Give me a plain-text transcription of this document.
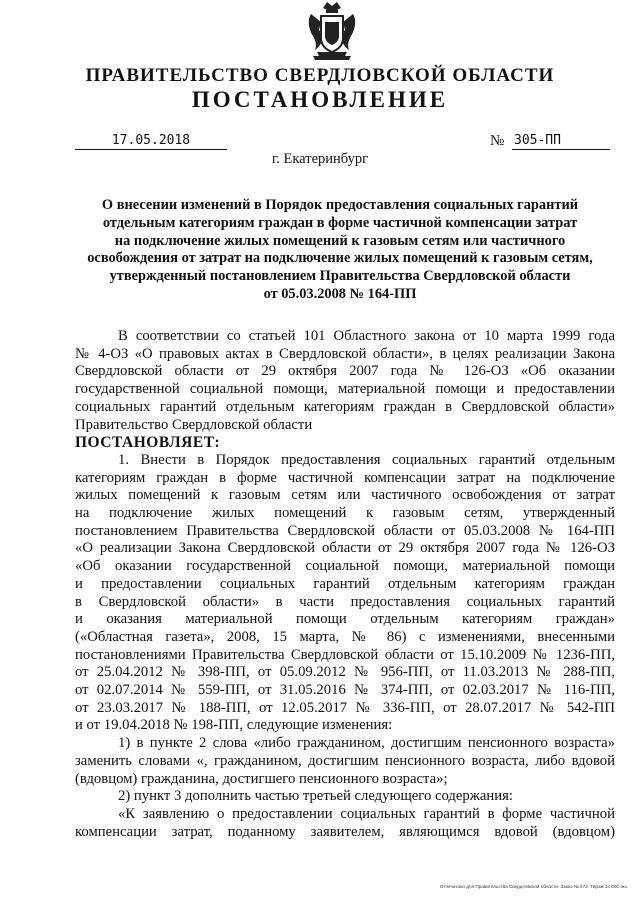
ПРАВИТЕЛЬСТВО СВЕРДЛОВСКОЙ ОБЛАСТИ
ПОСТАНОВЛЕНИЕ
17.05.2018	№ 305-ПП
г. Екатеринбург
О внесении изменений в Порядок предоставления социальных гарантий
отдельным категориям граждан в форме частичной компенсации затрат
на подключение жилых помещений к газовым сетям или частичного
освобождения от затрат на подключение жилых помещений к газовым сетям,
утвержденный постановлением Правительства Свердловской области
от 05.03.2008 № 164-ПП

В соответствии со статьей 101 Областного закона от 10 марта 1999 года

№ 4-ОЗ «О правовых актах в Свердловской области», в целях реализации Закона

Свердловской области от 29 октября 2007 года № 126-ОЗ «Об оказании

государственной социальной помощи, материальной помощи и предоставлении

социальных гарантий отдельным категориям граждан в Свердловской области»

Правительство Свердловской области

ПОСТАНОВЛЯЕТ:

1. Внести в Порядок предоставления социальных гарантий отдельным

категориям граждан в форме частичной компенсации затрат на подключение

жилых помещений к газовым сетям или частичного освобождения от затрат

на подключение жилых помещений к газовым сетям, утвержденный

постановлением Правительства Свердловской области от 05.03.2008 № 164-ПП

«О реализации Закона Свердловской области от 29 октября 2007 года № 126-ОЗ

«Об оказании государственной социальной помощи, материальной помощи

и предоставлении социальных гарантий отдельным категориям граждан

в Свердловской области» в части предоставления социальных гарантий

и оказания материальной помощи отдельным категориям граждан»

(«Областная газета», 2008, 15 марта, № 86) с изменениями, внесенными

постановлениями Правительства Свердловской области от 15.10.2009 № 1236-ПП,

от 25.04.2012 № 398-ПП, от 05.09.2012 № 956-ПП, от 11.03.2013 № 288-ПП,

от 02.07.2014 № 559-ПП, от 31.05.2016 № 374-ПП, от 02.03.2017 № 116-ПП,

от 23.03.2017 № 188-ПП, от 12.05.2017 № 336-ПП, от 28.07.2017 № 542-ПП

и от 19.04.2018 № 198-ПП, следующие изменения:

1) в пункте 2 слова «либо гражданином, достигшим пенсионного возраста»

заменить словами «, гражданином, достигшим пенсионного возраста, либо вдовой

(вдовцом) гражданина, достигшего пенсионного возраста»;

2) пункт 3 дополнить частью третьей следующего содержания:

«К заявлению о предоставлении социальных гарантий в форме частичной

компенсации затрат, поданному заявителем, являющимся вдовой (вдовцом)

Отпечатано для Правительства Свердловской области. Заказ № 573. Тираж 14 000 экз.
